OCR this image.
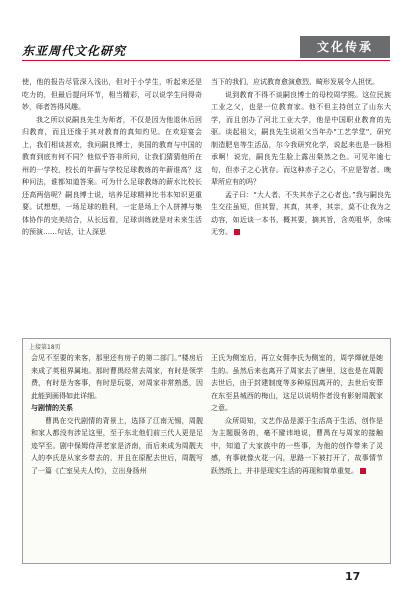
东亚周代文化研究	文化传承

使，他的报告尽管深入浅出，但对于小学生，听起来还是吃力的，但最后提问环节，相当精彩，可以说学生问得奇妙，师者答得风趣。

我之所以说嗣良先生为师者，不仅是因为他退休后回归教育，而且还缘于其对教育的真知灼见。在欢迎宴会上，我们相谈甚欢，我问嗣良博士，美国的教育与中国的教育到底有何不同？他似乎答非所问，让我们猜猜他所在州的一学校，校长的年薪与学校足球教练的年薪谁高？这种问法，谁都知道答案。可为什么足球教练的薪水比校长还高两倍呢？嗣良博士说，培养足球精神比书本知识更重要。试想想，一场足球的胜利，一定是场上个人拼搏与集体协作的完美结合，从长远看，足球训练就是对未来生活的预演……句话，让人深思

当下的我们，应试教育愈演愈烈，畸形发展令人担忧。

说到教育不得不谈嗣良博士的母校周学熙。这位民族工业之父，也是一位教育家。他不但主持创立了山东大学，而且创办了河北工业大学，他是中国职业教育的先驱。谈起祖父，嗣良先生说祖父当年办“工艺学堂”，研究制造肥皂等生活品，尔今我研究化学，说起来也是一脉相承啊！说完，嗣良先生脸上露出粲然之色。可见年逾七旬，但赤子之心犹存。而这种赤子之心，不应是智者、晚辈所应有的吗？

孟子曰：“大人者，不失其赤子之心者也。”我与嗣良先生交往虽短，但其智，其真，其孝，其亲，莫不让我为之动容，如近谈一本书，概其要，摘其旨，含英咀华，余味无穷。

上接第18页

会见不至要的来客，那里还有房子的第二部门。”楼房后来成了英租界属地。那时曹禺经常去周家，有时是领学费，有时是为客事，有时是玩耍，对周家非常熟悉，因此能到画得如此详细。

与剧情的关系

曹禺在交代剧情的背景上，选择了江南无锡，周靓和家人都没有涉足这里，至于东北他们前三代人更是足迹罕至。剧中保姆侍萍老家是济南，而后来成为周靓夫人的李氏是从家乡带去的，并且在原配去世后，周靓写了一篇《亡室吴夫人传》，立出身扬州

王氏为侧室后，再立女佣李氏为侧室的，周学煇就是她生的。虽然后来也离开了周家去了唐里，这也是在周靓去世后，由于封建制度等多种原因离开的，去世后安葬在东至县城西的梅山，这足以说明作者没有影射周靓家之意。

众所周知，文艺作品是源于生活高于生活，创作是为主题服务的，毫不避讳地说，曹禺在与周家的接触中，知道了大家族中的一些事，为他的创作带来了灵感，有事就像火花一闪，思路一下被打开了，故事情节跃然纸上，并非是现实生活的再现和简单重复。

17
